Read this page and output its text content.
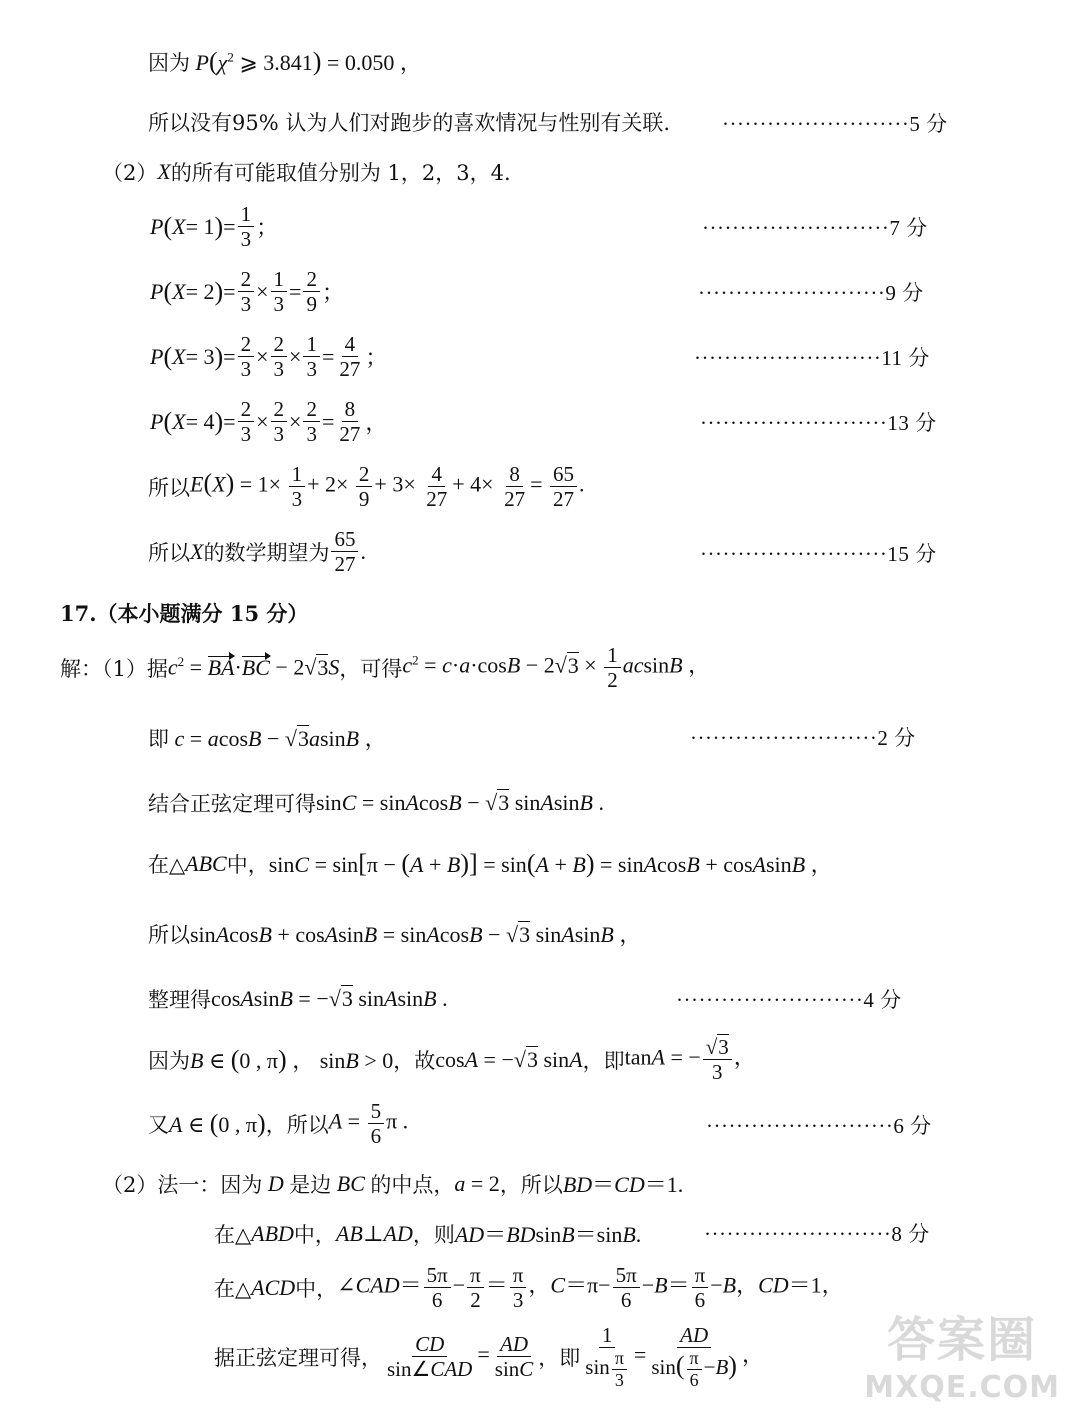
因为 $P(\chi^2$ ⩾ 3.841) = 0.050 ，
所以没有95% 认为人们对跑步的喜欢情况与性别有关联. ·························5 分
（2） X 的所有可能取值分别为 1，2，3，4.
P ( X = 1 ) = $\frac{1}{3}$ ；	·························7 分
P ( X = 2 ) = $\frac{2}{3} \times \frac{1}{3} = \frac{2}{9}$ ；	·························9 分
P ( X = 3 ) = $\frac{2}{3} \times \frac{2}{3} \times \frac{1}{3} = \frac{4}{27}$ ；	·························11 分
P ( X = 4 ) = $\frac{2}{3} \times \frac{2}{3} \times \frac{2}{3} = \frac{8}{27}$ ，	·························13 分
所以 $E(X) = 1\times \frac{1}{3} + 2\times \frac{2}{9} + 3\times \frac{4}{27} + 4\times \frac{8}{27} = \frac{65}{27}$ .
所以 X 的数学期望为 $\frac{65}{27}$ .	·························15 分
17.（本小题满分 15 分）
解：（1）据 $c^2 = BA\cdot BC - 2√3S$ ，可得 $c^2 = c\cdot a\cdot\cos B - 2√3 \times \frac{1}{2}$ acsinB ，
即 c = acosB − √3asinB ，	·························2 分
结合正弦定理可得 sinC = sinAcosB − √3 sinAsinB .
在△ ABC 中， sinC = sin[π − (A + B)] = sin(A + B) = sinAcosB + cosAsinB ，
所以 sinAcosB + cosAsinB = sinAcosB − √3 sinAsinB ，
整理得 cosAsinB = −√3 sinAsinB .	·························4 分
因为 B ∈ (0 , π) ， sinB > 0 ，故 cosA = −√3 sinA ，即 tanA = − $\frac{√3}{3}$ ，
又 A ∈ (0 , π) ，所以 $A = \frac{5}{6}$ π .	·························6 分
（2）法一：因为 D 是边 BC 的中点， a = 2 ，所以 BD＝CD＝1.
在△ ABD 中， AB⊥AD ，则 AD＝BDsinB＝sinB.	·························8 分
在△ ACD 中， ∠CAD＝ $\frac{5\pi}{6} - \frac{\pi}{2} = \frac{\pi}{3}$ ，$C=\pi- \frac{5\pi}{6} -B= \frac{\pi}{6} -B$，CD＝1，
据正弦定理可得， $\frac{CD}{\text{sin∠CAD}} = \frac{AD}{\sin C}$ ，即 $\frac{1}{\sin \frac{\pi}{3}} = \frac{AD}{\sin( \frac{\pi}{6} -B)}$ ，	答案圈
MXQE.COM
